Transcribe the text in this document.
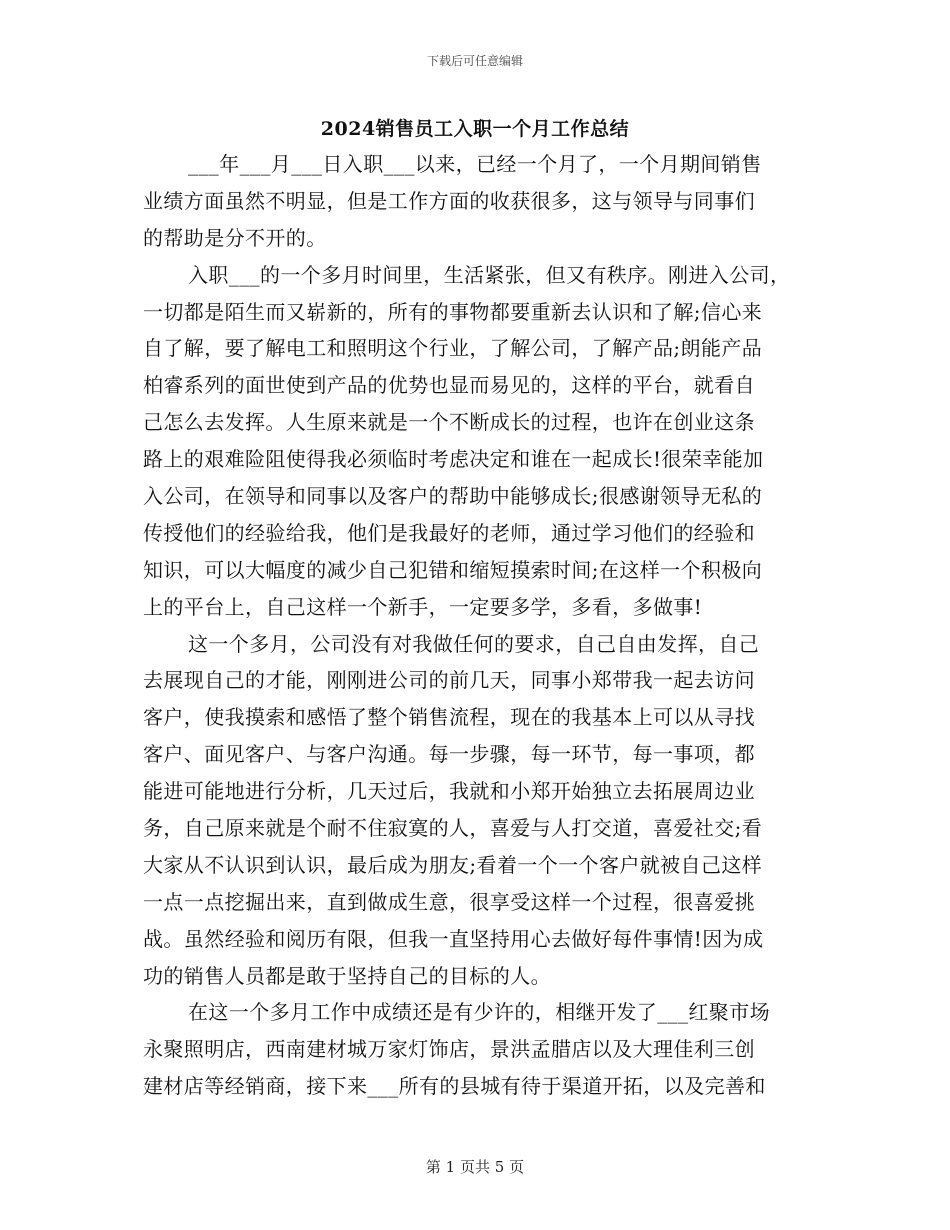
下载后可任意编辑
2024销售员工入职一个月工作总结
___年___月___日入职___以来，已经一个月了，一个月期间销售
业绩方面虽然不明显，但是工作方面的收获很多，这与领导与同事们
的帮助是分不开的。
入职___的一个多月时间里，生活紧张，但又有秩序。刚进入公司，
一切都是陌生而又崭新的，所有的事物都要重新去认识和了解;信心来
自了解，要了解电工和照明这个行业，了解公司，了解产品;朗能产品
柏睿系列的面世使到产品的优势也显而易见的，这样的平台，就看自
己怎么去发挥。人生原来就是一个不断成长的过程，也许在创业这条
路上的艰难险阻使得我必须临时考虑决定和谁在一起成长!很荣幸能加
入公司，在领导和同事以及客户的帮助中能够成长;很感谢领导无私的
传授他们的经验给我，他们是我最好的老师，通过学习他们的经验和
知识，可以大幅度的减少自己犯错和缩短摸索时间;在这样一个积极向
上的平台上，自己这样一个新手，一定要多学，多看，多做事!
这一个多月，公司没有对我做任何的要求，自己自由发挥，自己
去展现自己的才能，刚刚进公司的前几天，同事小郑带我一起去访问
客户，使我摸索和感悟了整个销售流程，现在的我基本上可以从寻找
客户、面见客户、与客户沟通。每一步骤，每一环节，每一事项，都
能进可能地进行分析，几天过后，我就和小郑开始独立去拓展周边业
务，自己原来就是个耐不住寂寞的人，喜爱与人打交道，喜爱社交;看
大家从不认识到认识，最后成为朋友;看着一个一个客户就被自己这样
一点一点挖掘出来，直到做成生意，很享受这样一个过程，很喜爱挑
战。虽然经验和阅历有限，但我一直坚持用心去做好每件事情!因为成
功的销售人员都是敢于坚持自己的目标的人。
在这一个多月工作中成绩还是有少许的，相继开发了___红聚市场
永聚照明店，西南建材城万家灯饰店，景洪孟腊店以及大理佳利三创
建材店等经销商，接下来___所有的县城有待于渠道开拓，以及完善和
第 1 页共 5 页
